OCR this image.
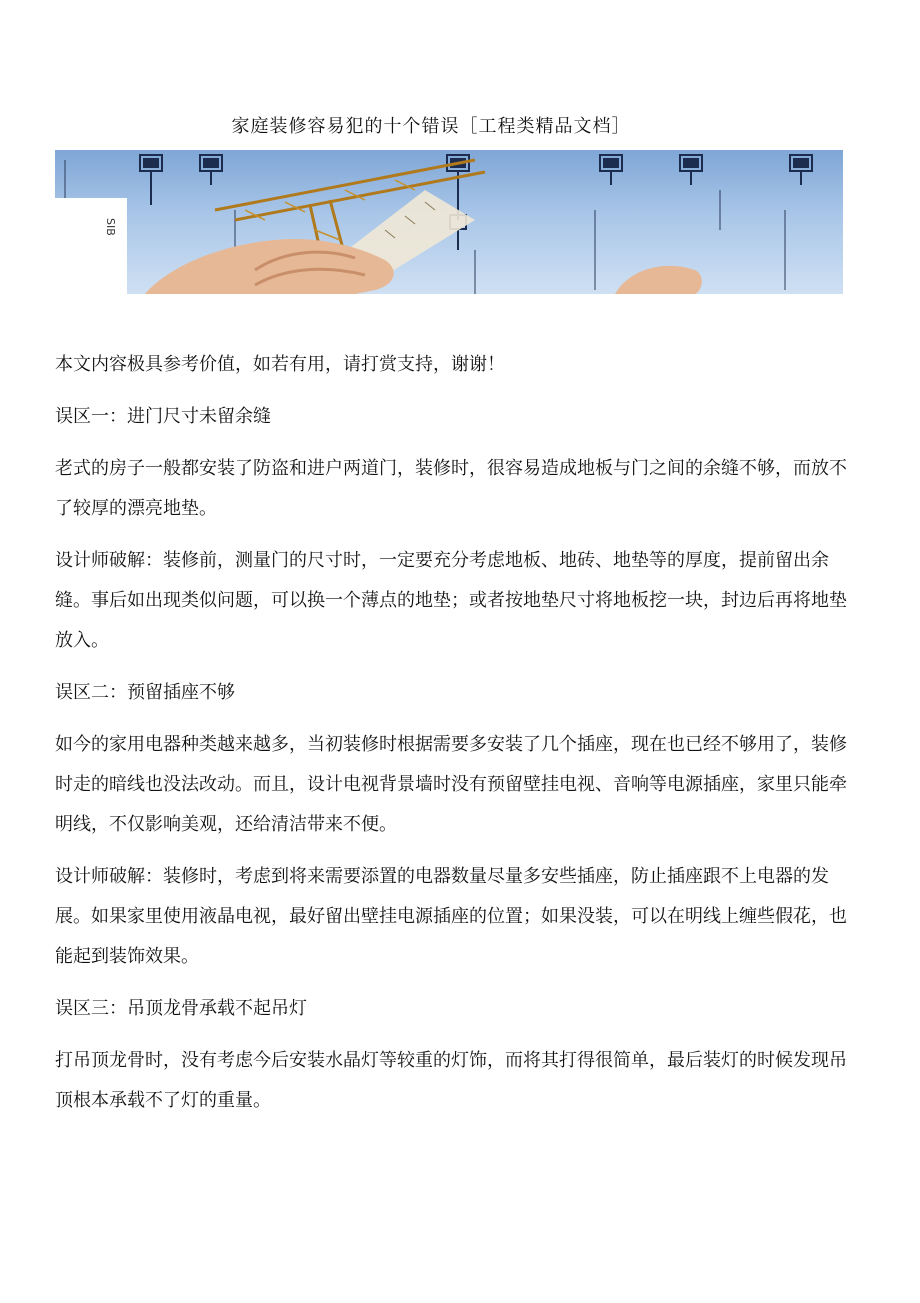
家庭装修容易犯的十个错误［工程类精品文档］
SIB

本文内容极具参考价值，如若有用，请打赏支持，谢谢！

误区一：进门尺寸未留余缝

老式的房子一般都安装了防盗和进户两道门，装修时，很容易造成地板与门之间的余缝不够，而放不了较厚的漂亮地垫。

设计师破解：装修前，测量门的尺寸时，一定要充分考虑地板、地砖、地垫等的厚度，提前留出余缝。事后如出现类似问题，可以换一个薄点的地垫；或者按地垫尺寸将地板挖一块，封边后再将地垫放入。

误区二：预留插座不够

如今的家用电器种类越来越多，当初装修时根据需要多安装了几个插座，现在也已经不够用了，装修时走的暗线也没法改动。而且，设计电视背景墙时没有预留壁挂电视、音响等电源插座，家里只能牵明线，不仅影响美观，还给清洁带来不便。

设计师破解：装修时，考虑到将来需要添置的电器数量尽量多安些插座，防止插座跟不上电器的发展。如果家里使用液晶电视，最好留出壁挂电源插座的位置；如果没装，可以在明线上缠些假花，也能起到装饰效果。

误区三：吊顶龙骨承载不起吊灯

打吊顶龙骨时，没有考虑今后安装水晶灯等较重的灯饰，而将其打得很简单，最后装灯的时候发现吊顶根本承载不了灯的重量。
